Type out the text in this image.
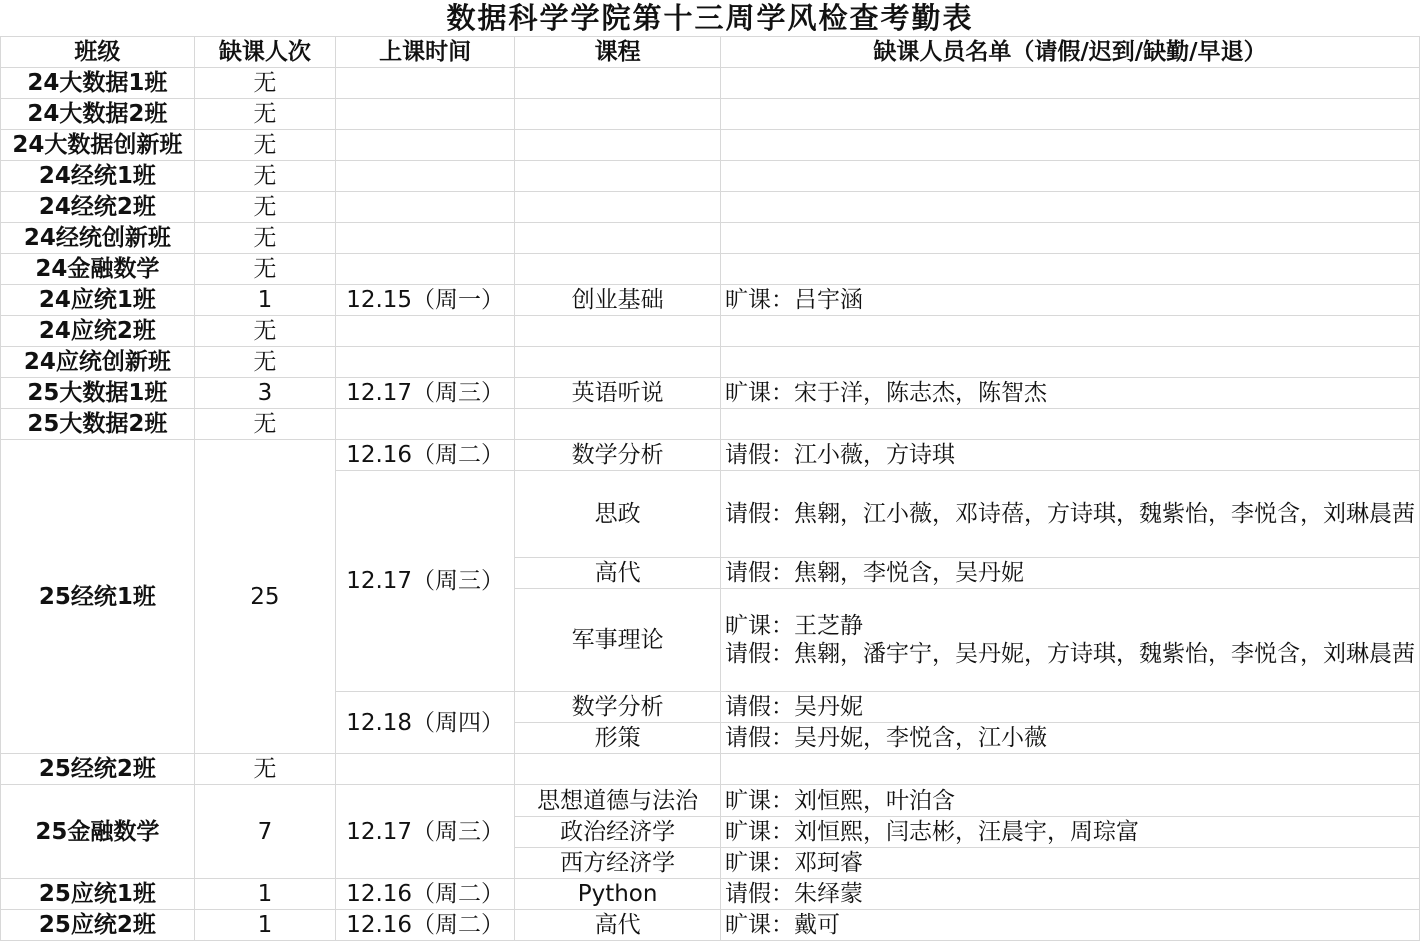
数据科学学院第十三周学风检查考勤表
班级	缺课人次	上课时间	课程	缺课人员名单（请假/迟到/缺勤/早退）
24大数据1班	无			
24大数据2班	无			
24大数据创新班	无			
24经统1班	无			
24经统2班	无			
24经统创新班	无			
24金融数学	无			
24应统1班	1	12.15（周一）	创业基础	旷课：吕宇涵
24应统2班	无			
24应统创新班	无			
25大数据1班	3	12.17（周三）	英语听说	旷课：宋于洋，陈志杰，陈智杰
25大数据2班	无			
25经统1班	25	12.16（周二）	数学分析	请假：江小薇，方诗琪
		12.17（周三）	思政	请假：焦翱，江小薇，邓诗蓓，方诗琪，魏紫怡，李悦含，刘琳晨茜
			高代	请假：焦翱，李悦含，吴丹妮
			军事理论	旷课：王芝静
请假：焦翱，潘宇宁，吴丹妮，方诗琪，魏紫怡，李悦含，刘琳晨茜

		12.18（周四）	数学分析	请假：吴丹妮
			形策	请假：吴丹妮，李悦含，江小薇

25经统2班	无			
25金融数学	7	12.17（周三）	思想道德与法治	旷课：刘恒熙，叶泊含
			政治经济学	旷课：刘恒熙，闫志彬，汪晨宇，周琮富
			西方经济学	旷课：邓珂睿
25应统1班	1	12.16（周二）	Python	请假：朱绎蒙
25应统2班	1	12.16（周二）	高代	旷课：戴可
